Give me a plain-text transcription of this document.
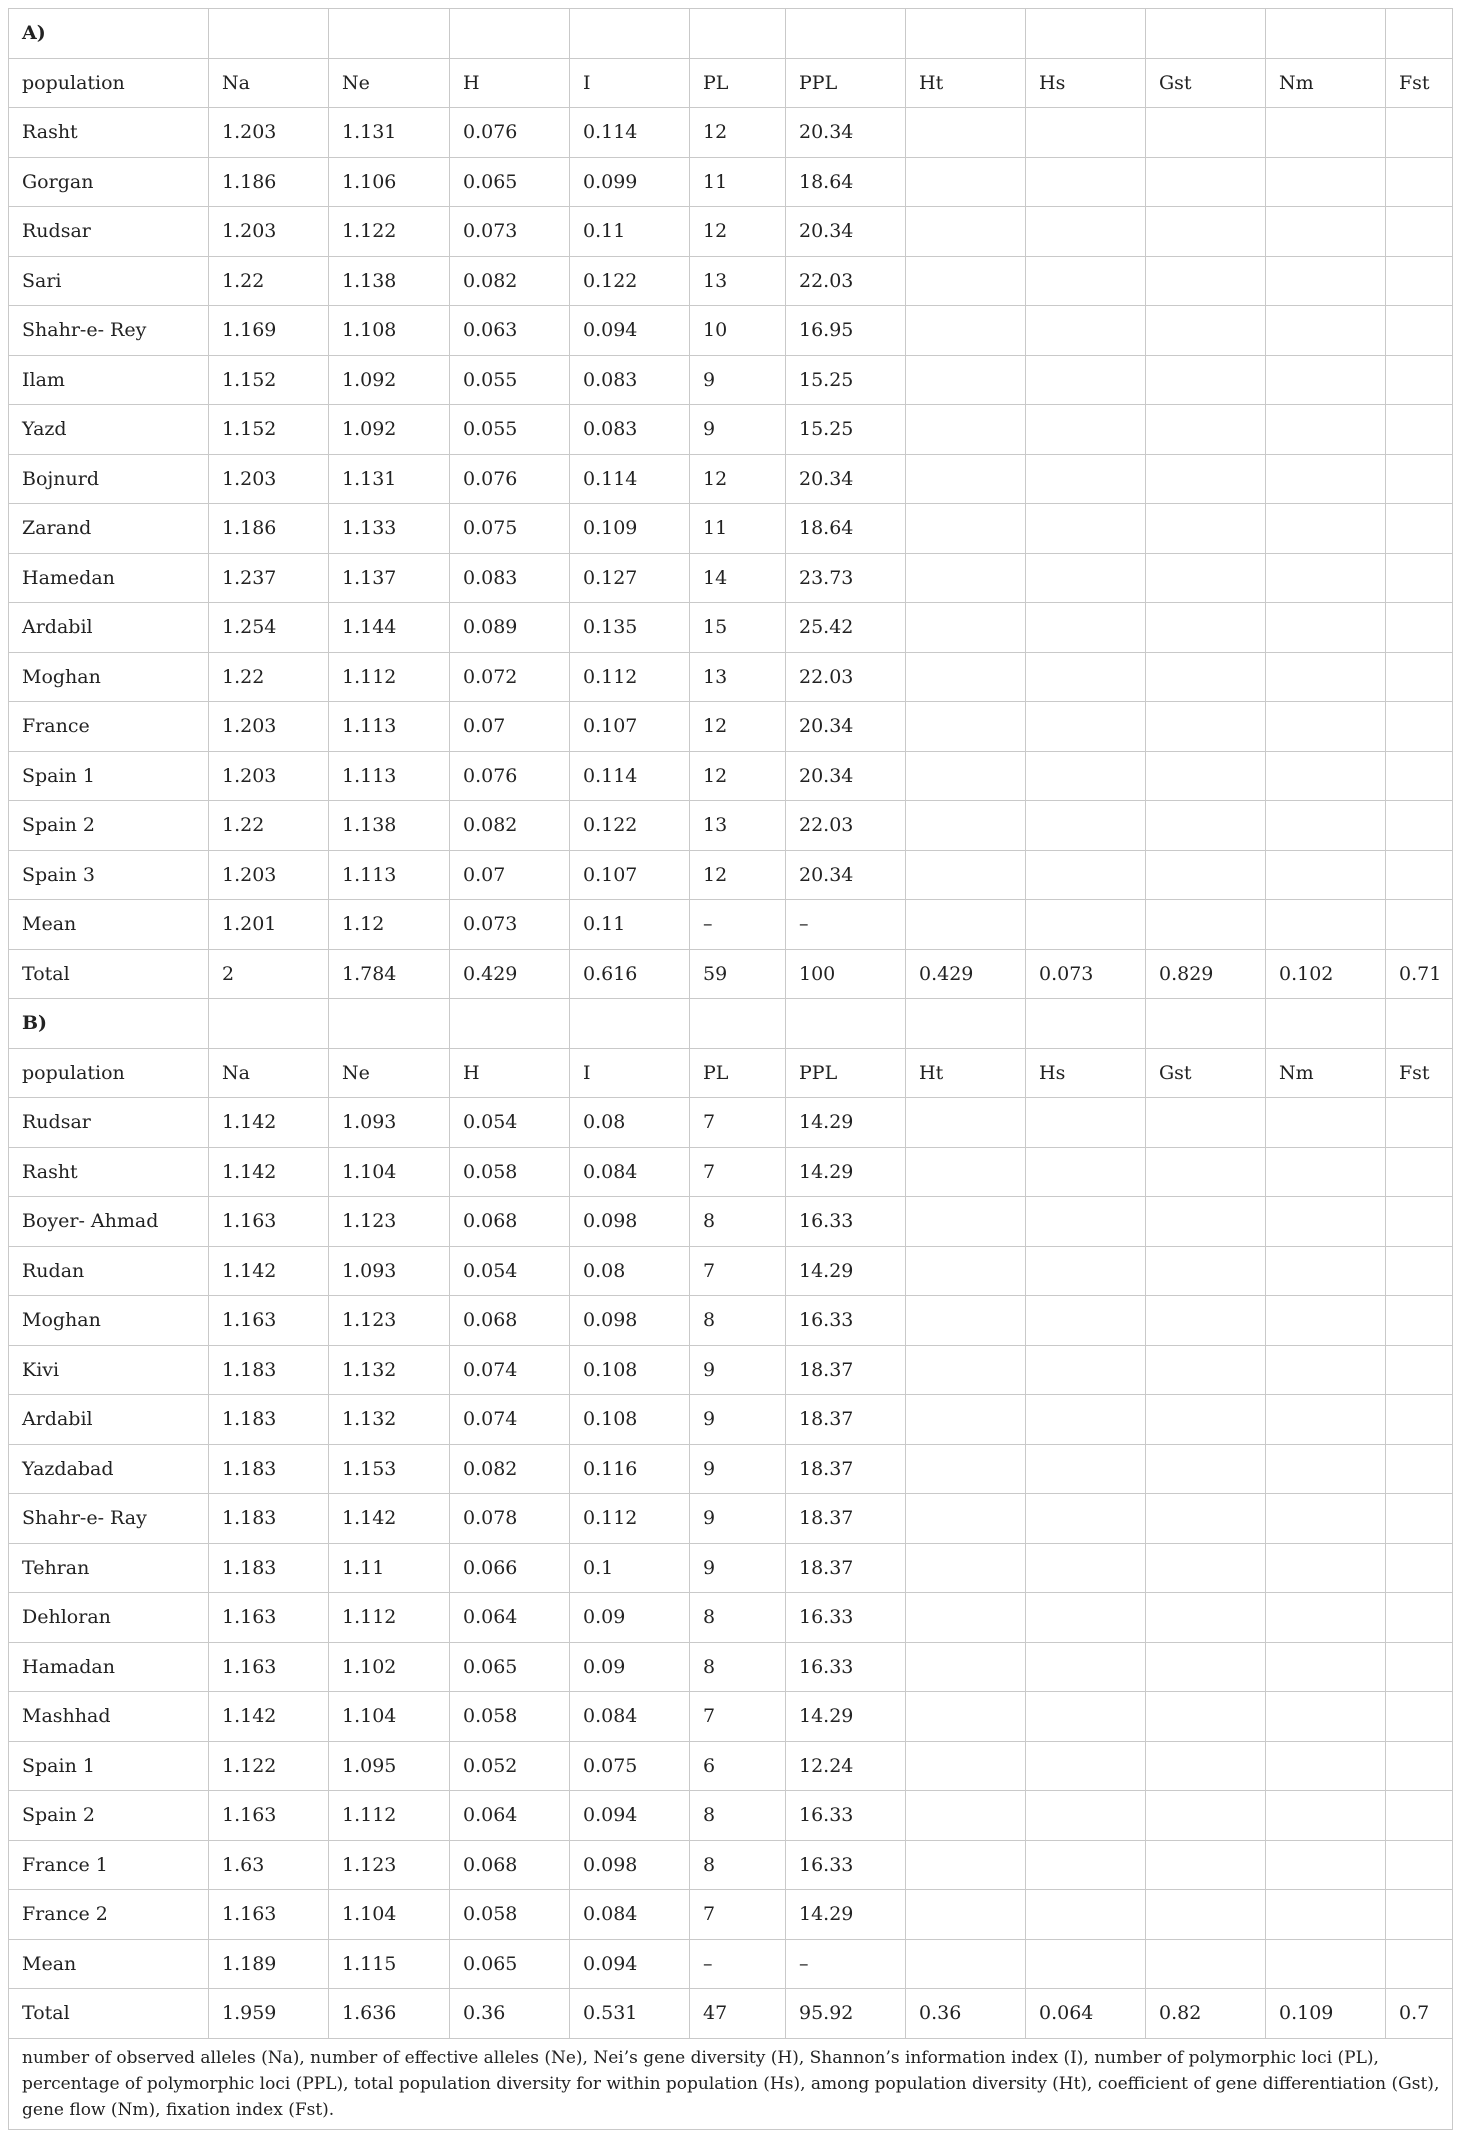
A)											
population	Na	Ne	H	I	PL	PPL	Ht	Hs	Gst	Nm	Fst
Rasht	1.203	1.131	0.076	0.114	12	20.34					
Gorgan	1.186	1.106	0.065	0.099	11	18.64					
Rudsar	1.203	1.122	0.073	0.11	12	20.34					
Sari	1.22	1.138	0.082	0.122	13	22.03					
Shahr-e- Rey	1.169	1.108	0.063	0.094	10	16.95					
Ilam	1.152	1.092	0.055	0.083	9	15.25					
Yazd	1.152	1.092	0.055	0.083	9	15.25					
Bojnurd	1.203	1.131	0.076	0.114	12	20.34					
Zarand	1.186	1.133	0.075	0.109	11	18.64					
Hamedan	1.237	1.137	0.083	0.127	14	23.73					
Ardabil	1.254	1.144	0.089	0.135	15	25.42					
Moghan	1.22	1.112	0.072	0.112	13	22.03					
France	1.203	1.113	0.07	0.107	12	20.34					
Spain 1	1.203	1.113	0.076	0.114	12	20.34					
Spain 2	1.22	1.138	0.082	0.122	13	22.03					
Spain 3	1.203	1.113	0.07	0.107	12	20.34					
Mean	1.201	1.12	0.073	0.11	–	–					
Total	2	1.784	0.429	0.616	59	100	0.429	0.073	0.829	0.102	0.71
B)											
population	Na	Ne	H	I	PL	PPL	Ht	Hs	Gst	Nm	Fst
Rudsar	1.142	1.093	0.054	0.08	7	14.29					
Rasht	1.142	1.104	0.058	0.084	7	14.29					
Boyer- Ahmad	1.163	1.123	0.068	0.098	8	16.33					
Rudan	1.142	1.093	0.054	0.08	7	14.29					
Moghan	1.163	1.123	0.068	0.098	8	16.33					
Kivi	1.183	1.132	0.074	0.108	9	18.37					
Ardabil	1.183	1.132	0.074	0.108	9	18.37					
Yazdabad	1.183	1.153	0.082	0.116	9	18.37					
Shahr-e- Ray	1.183	1.142	0.078	0.112	9	18.37					
Tehran	1.183	1.11	0.066	0.1	9	18.37					
Dehloran	1.163	1.112	0.064	0.09	8	16.33					
Hamadan	1.163	1.102	0.065	0.09	8	16.33					
Mashhad	1.142	1.104	0.058	0.084	7	14.29					
Spain 1	1.122	1.095	0.052	0.075	6	12.24					
Spain 2	1.163	1.112	0.064	0.094	8	16.33					
France 1	1.63	1.123	0.068	0.098	8	16.33					
France 2	1.163	1.104	0.058	0.084	7	14.29					
Mean	1.189	1.115	0.065	0.094	–	–					
Total	1.959	1.636	0.36	0.531	47	95.92	0.36	0.064	0.82	0.109	0.7
number of observed alleles (Na), number of effective alleles (Ne), Nei’s gene diversity (H), Shannon’s information index (I), number of polymorphic loci (PL), percentage of polymorphic loci (PPL), total population diversity for within population (Hs), among population diversity (Ht), coefficient of gene differentiation (Gst), gene flow (Nm), fixation index (Fst).											
